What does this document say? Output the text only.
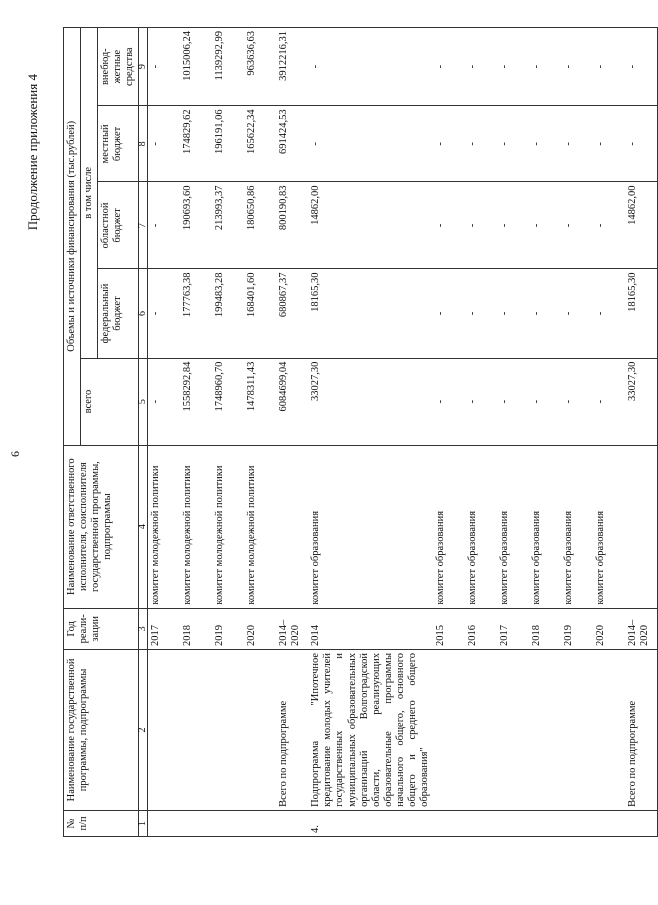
6
Продолжение приложения 4
№ п/п	Наименование государственной программы, подпрограммы	Год реали- зации	Наименование ответственного исполнителя, соисполнителя государственной программы, подпрограммы	Объемы и источники финансирования (тыс.рублей)				
				всего	в том числе			
					федеральный бюджет	областной бюджет	местный бюджет	внебюд- жетные средства
1	2	3	4	5	6	7	8	9
		2017	комитет молодежной политики	-	-	-	-	-
		2018	комитет молодежной политики	1558292,84	177763,38	190693,60	174829,62	1015006,24
		2019	комитет молодежной политики	1748960,70	199483,28	213993,37	196191,06	1139292,99
		2020	комитет молодежной политики	1478311,43	168401,60	180650,86	165622,34	963636,63
	Всего по подпрограмме	2014–2020		6084699,04	680867,37	800190,83	691424,53	3912216,31
4.	Подпрограмма "Ипотечное кредитование молодых учителей государственных и муниципальных образовательных организаций Волгоградской области, реализующих образовательные программы начального общего, основного общего и среднего общего образования"	2014	комитет образования	33027,30	18165,30	14862,00	-	-
		2015	комитет образования	-	-	-	-	-
		2016	комитет образования	-	-	-	-	-
		2017	комитет образования	-	-	-	-	-
		2018	комитет образования	-	-	-	-	-
		2019	комитет образования	-	-	-	-	-
		2020	комитет образования	-	-	-	-	-
	Всего по подпрограмме	2014–2020		33027,30	18165,30	14862,00	-	-
